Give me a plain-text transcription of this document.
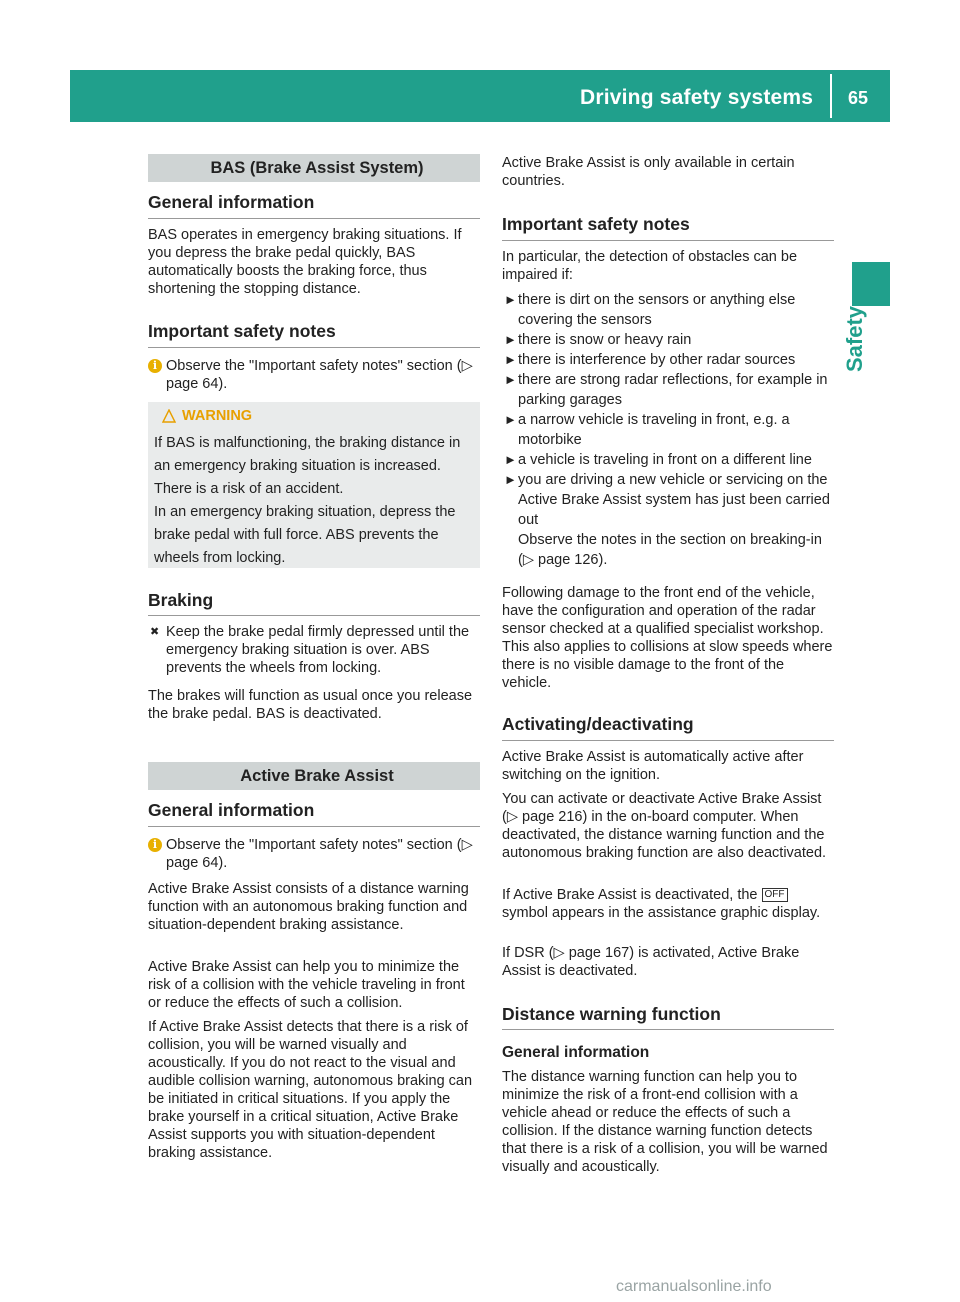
Driving safety systems 65
Safety
BAS (Brake Assist System)
General information
BAS operates in emergency braking situations. If you depress the brake pedal quickly, BAS automatically boosts the braking force, thus shortening the stopping distance.
Important safety notes
i Observe the "Important safety notes" section (▷ page 64).
WARNING
If BAS is malfunctioning, the braking distance in an emergency braking situation is increased. There is a risk of an accident.
In an emergency braking situation, depress the brake pedal with full force. ABS prevents the wheels from locking.
Braking
✖ Keep the brake pedal firmly depressed until the emergency braking situation is over. ABS prevents the wheels from locking.
The brakes will function as usual once you release the brake pedal. BAS is deactivated.
Active Brake Assist
General information
i Observe the "Important safety notes" section (▷ page 64).
Active Brake Assist consists of a distance warning function with an autonomous braking function and situation-dependent braking assistance.
Active Brake Assist can help you to minimize the risk of a collision with the vehicle traveling in front or reduce the effects of such a collision.
If Active Brake Assist detects that there is a risk of collision, you will be warned visually and acoustically. If you do not react to the visual and audible collision warning, autonomous braking can be initiated in critical situations. If you apply the brake yourself in a critical situation, Active Brake Assist supports you with situation-dependent braking assistance.
Active Brake Assist is only available in certain countries.
Important safety notes
In particular, the detection of obstacles can be impaired if:
► there is dirt on the sensors or anything else covering the sensors
► there is snow or heavy rain
► there is interference by other radar sources
► there are strong radar reflections, for example in parking garages
► a narrow vehicle is traveling in front, e.g. a motorbike
► a vehicle is traveling in front on a different line
► you are driving a new vehicle or servicing on the Active Brake Assist system has just been carried out
Observe the notes in the section on breaking-in (▷ page 126).
Following damage to the front end of the vehicle, have the configuration and operation of the radar sensor checked at a qualified specialist workshop. This also applies to collisions at slow speeds where there is no visible damage to the front of the vehicle.
Activating/deactivating
Active Brake Assist is automatically active after switching on the ignition.
You can activate or deactivate Active Brake Assist (▷ page 216) in the on-board computer. When deactivated, the distance warning function and the autonomous braking function are also deactivated.
If Active Brake Assist is deactivated, the OFF symbol appears in the assistance graphic display.
If DSR (▷ page 167) is activated, Active Brake Assist is deactivated.
Distance warning function
General information
The distance warning function can help you to minimize the risk of a front-end collision with a vehicle ahead or reduce the effects of such a collision. If the distance warning function detects that there is a risk of a collision, you will be warned visually and acoustically.
carmanualsonline.info
